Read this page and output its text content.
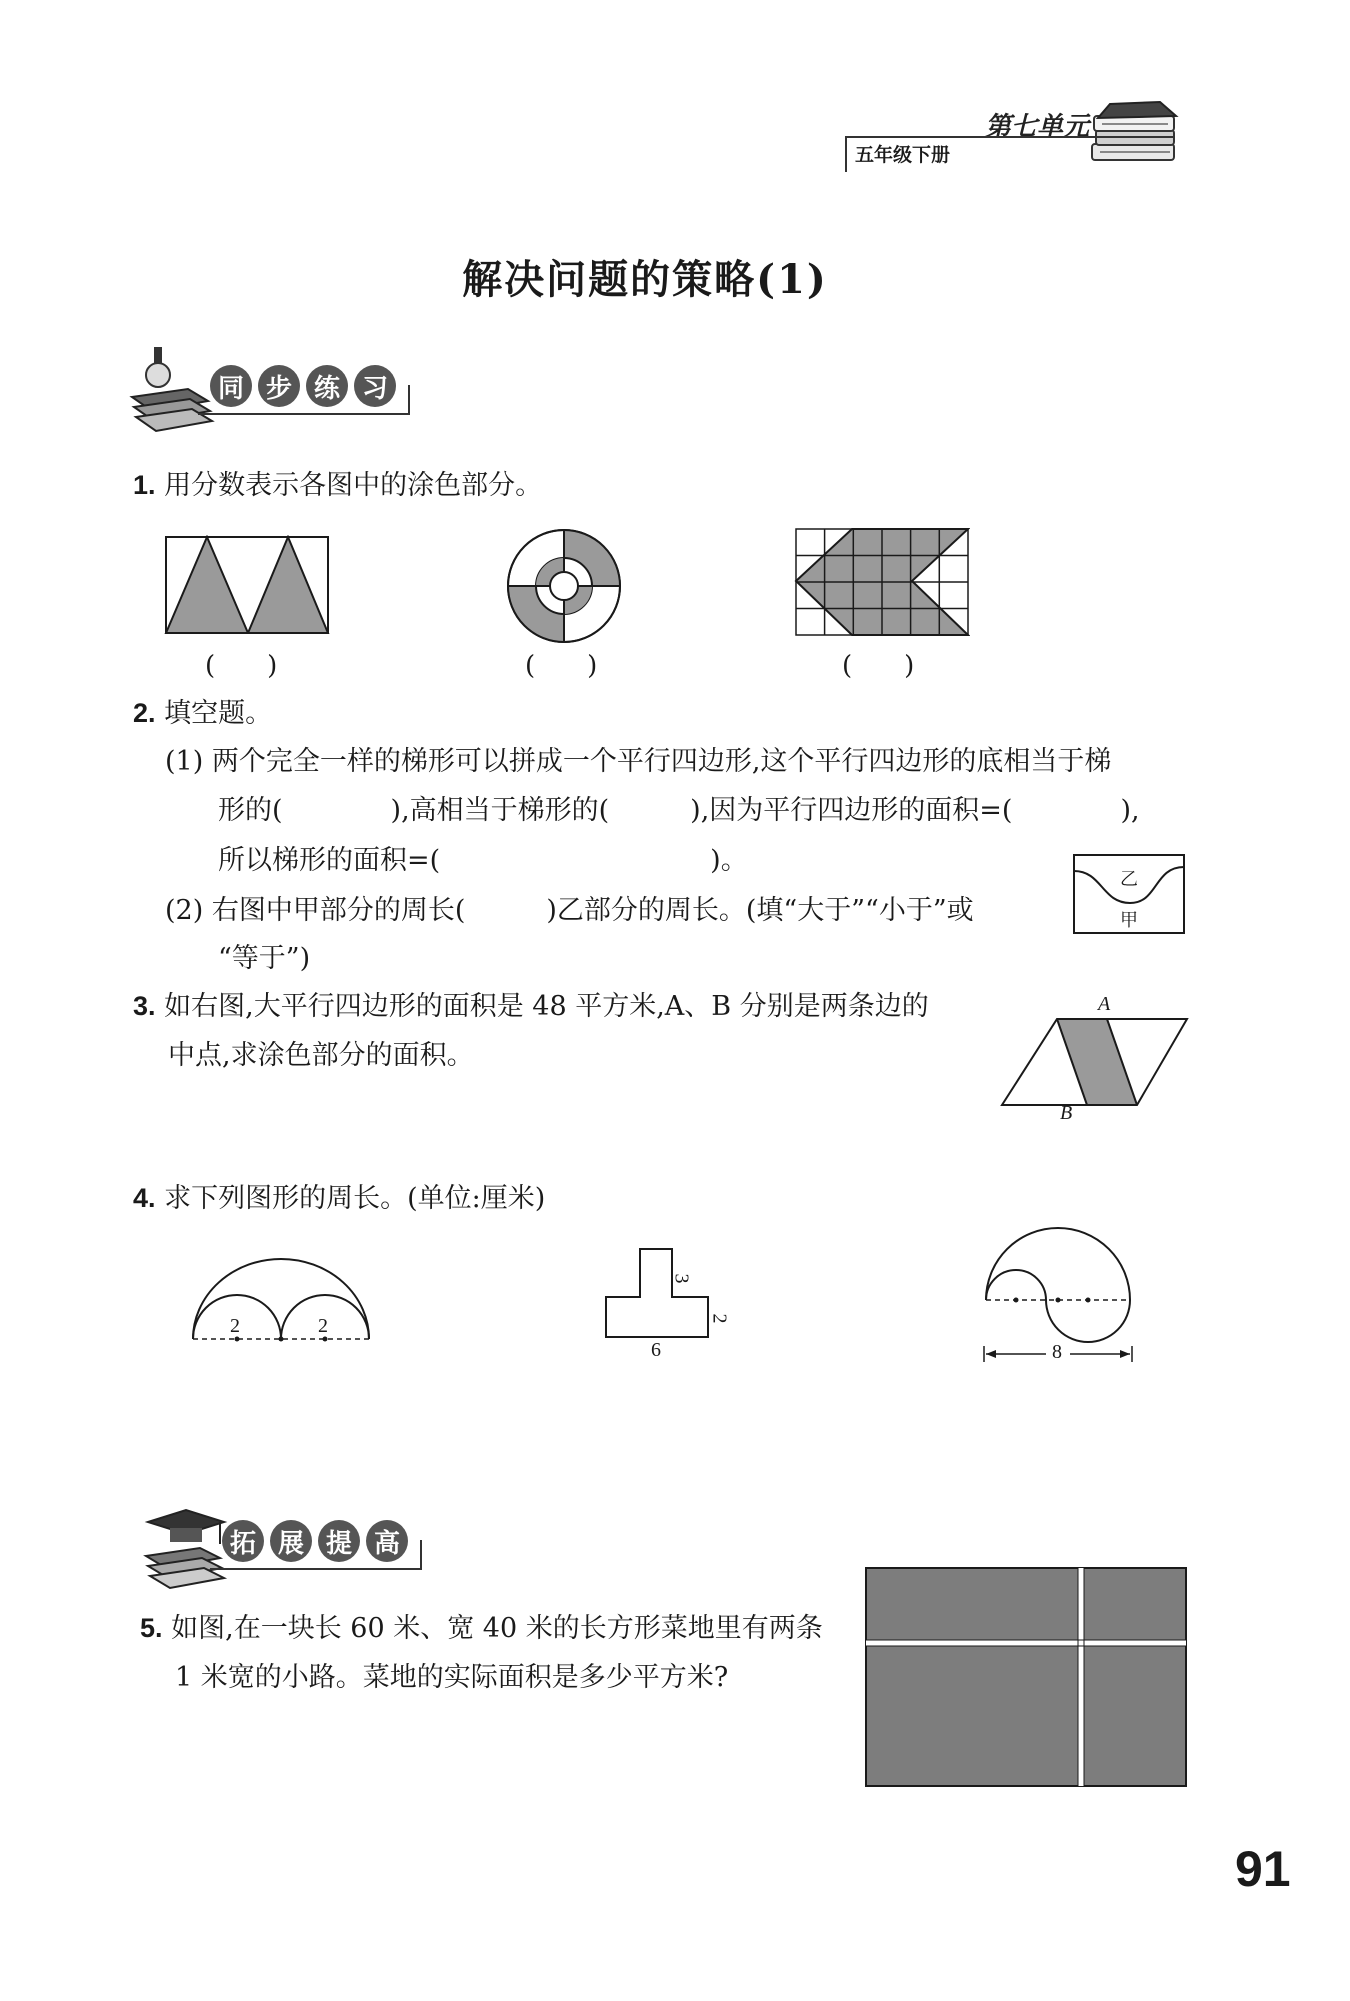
第七单元
五年级下册
解决问题的策略(1)
同 步 练 习
1. 用分数表示各图中的涂色部分。
(　　)	(　　)	(　　)
2. 填空题。
(1) 两个完全一样的梯形可以拼成一个平行四边形,这个平行四边形的底相当于梯
形的(　　　　),高相当于梯形的(　　　),因为平行四边形的面积=(　　　　),
所以梯形的面积=(　　　　　　　　　　)。
(2) 右图中甲部分的周长(　　　)乙部分的周长。(填“大于”“小于”或
“等于”)
乙
甲
3. 如右图,大平行四边形的面积是 48 平方米,A、B 分别是两条边的
中点,求涂色部分的面积。
A
B
4. 求下列图形的周长。(单位:厘米)
2	2
3
2
6	8
拓 展 提 高
5. 如图,在一块长 60 米、宽 40 米的长方形菜地里有两条
1 米宽的小路。菜地的实际面积是多少平方米?
91
